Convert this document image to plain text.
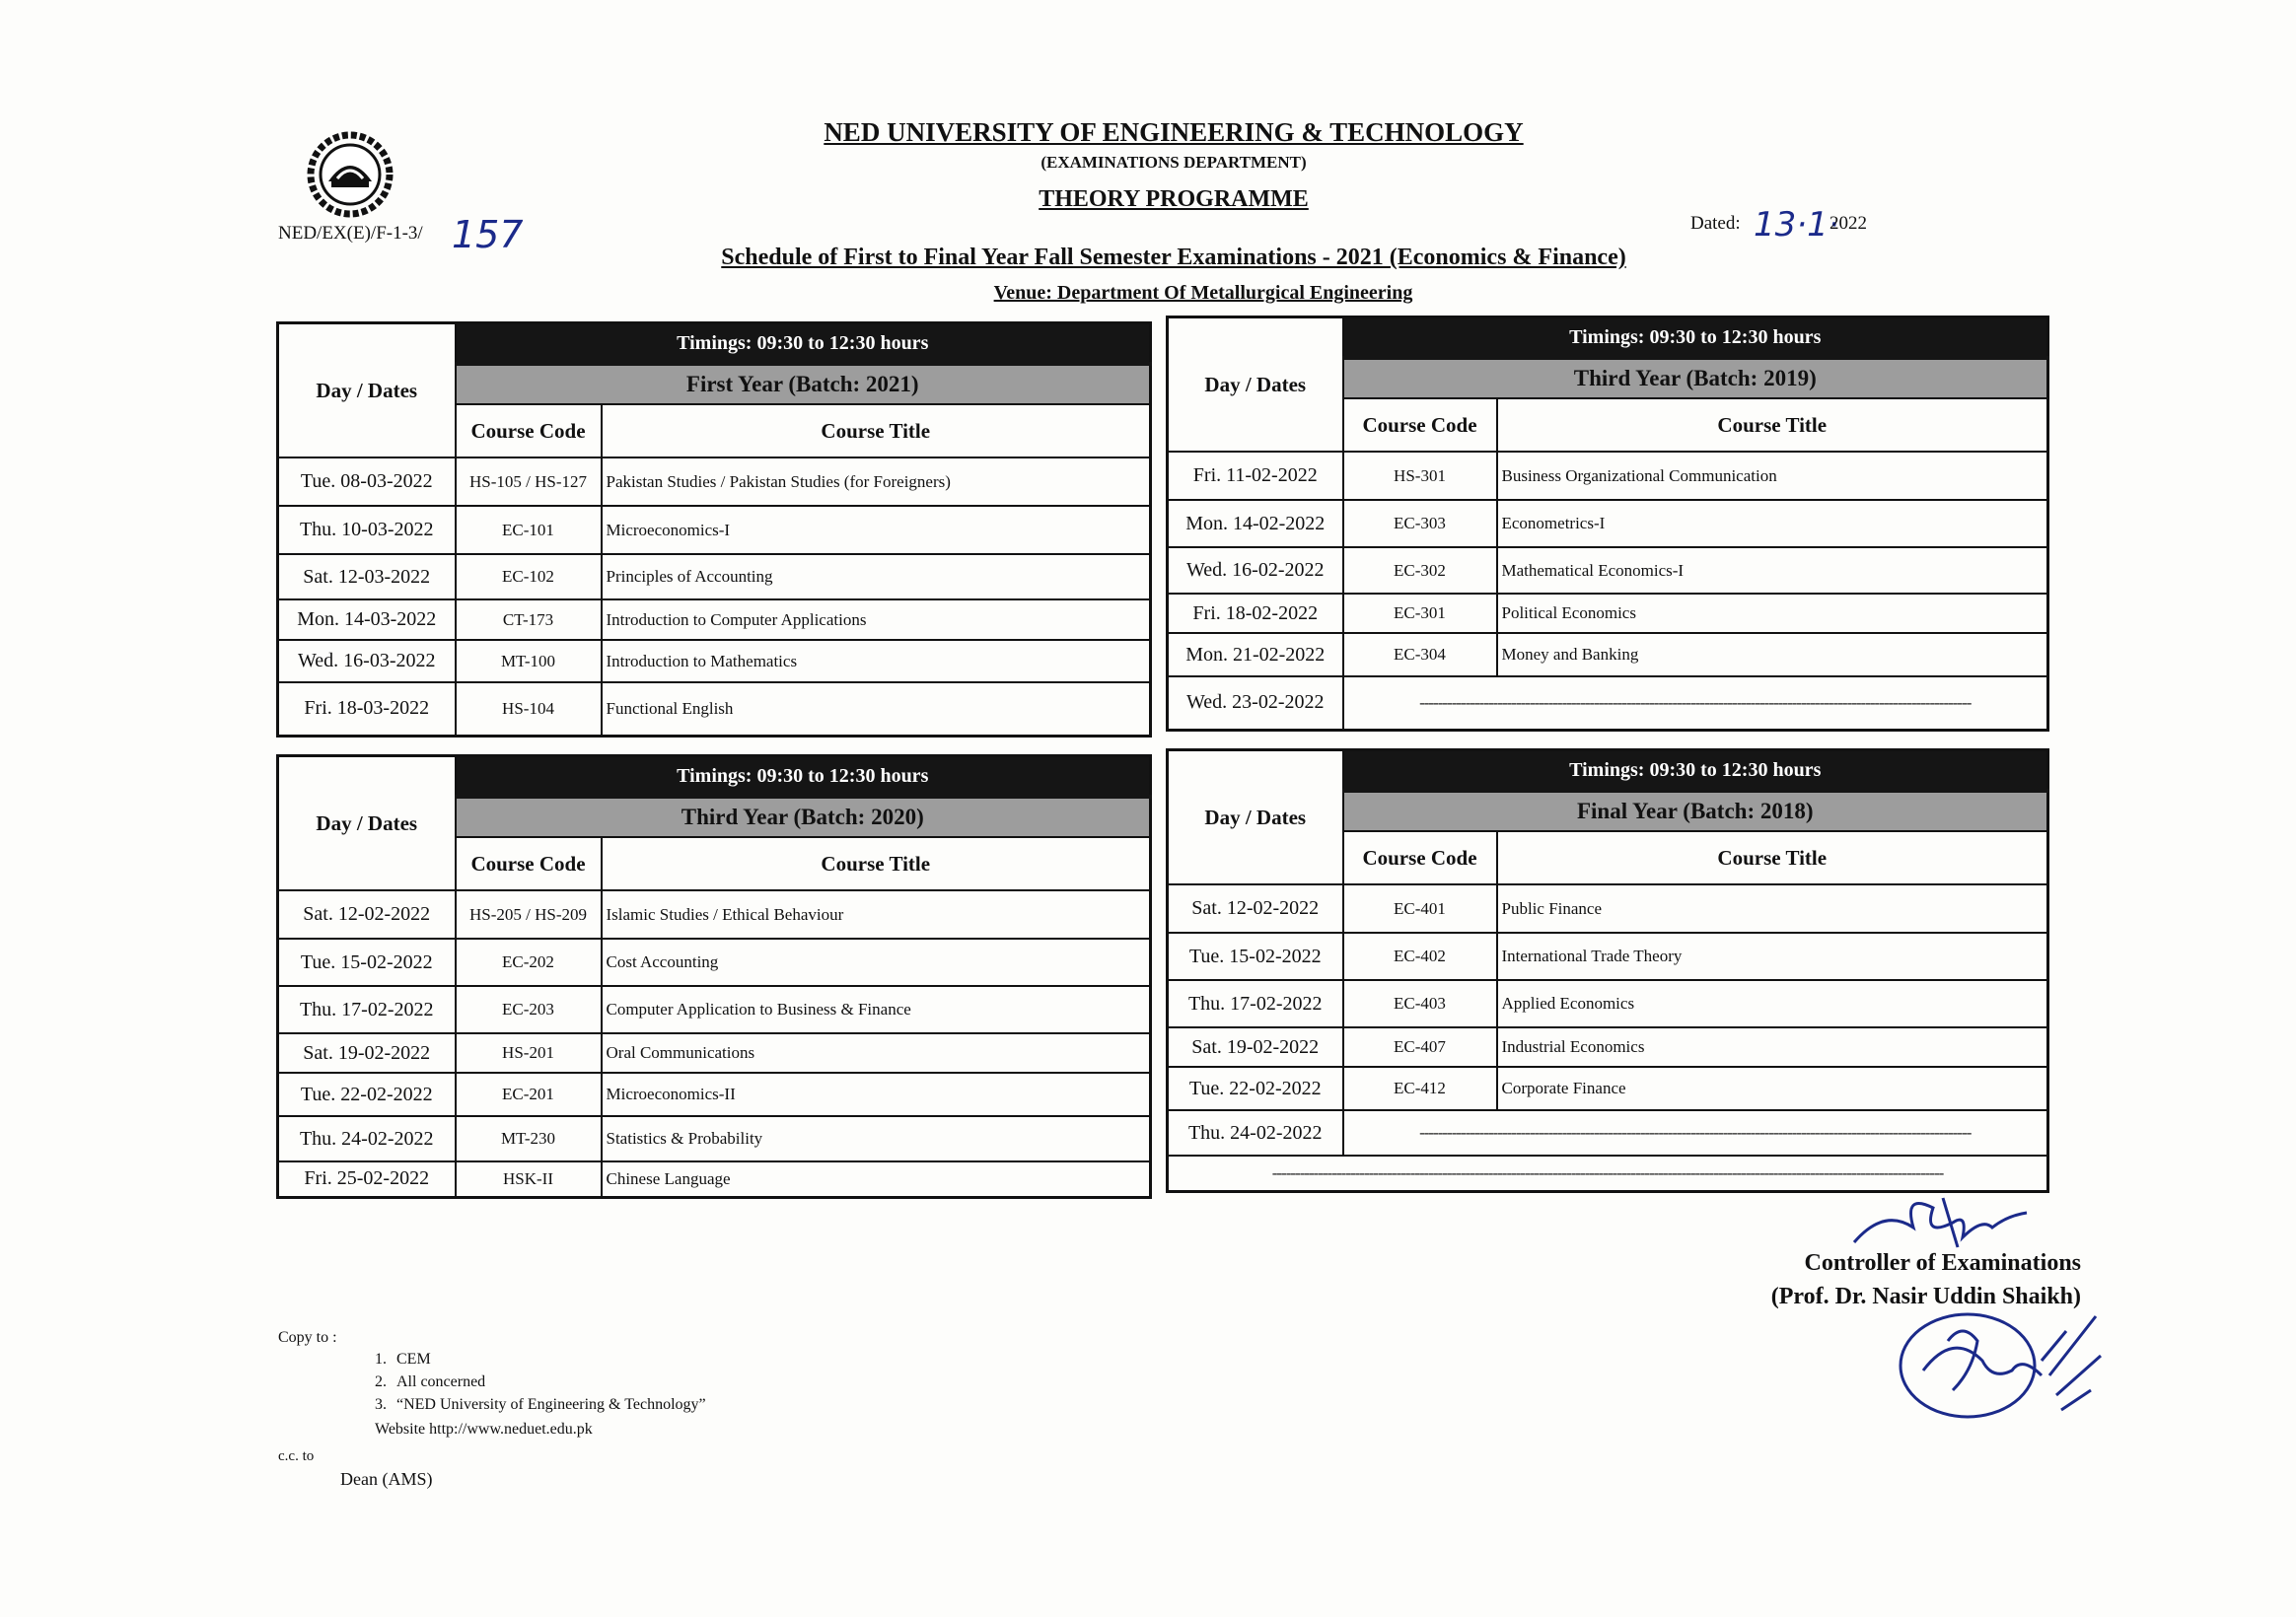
NED/EX(E)/F-1-3/ 157
NED UNIVERSITY OF ENGINEERING & TECHNOLOGY
(EXAMINATIONS DEPARTMENT)
THEORY PROGRAMME
Dated: 13·1·
2022
Schedule of First to Final Year Fall Semester Examinations - 2021 (Economics & Finance)
Venue: Department Of Metallurgical Engineering
Day / Dates	Timings: 09:30 to 12:30 hours	
	First Year (Batch: 2021)	
	Course Code	Course Title
Tue. 08-03-2022	HS-105 / HS-127	Pakistan Studies / Pakistan Studies (for Foreigners)
Thu. 10-03-2022	EC-101	Microeconomics-I
Sat. 12-03-2022	EC-102	Principles of Accounting
Mon. 14-03-2022	CT-173	Introduction to Computer Applications
Wed. 16-03-2022	MT-100	Introduction to Mathematics
Fri. 18-03-2022	HS-104	Functional English
Day / Dates	Timings: 09:30 to 12:30 hours	
	Third Year (Batch: 2019)	
	Course Code	Course Title
Fri. 11-02-2022	HS-301	Business Organizational Communication
Mon. 14-02-2022	EC-303	Econometrics-I
Wed. 16-02-2022	EC-302	Mathematical Economics-I
Fri. 18-02-2022	EC-301	Political Economics
Mon. 21-02-2022	EC-304	Money and Banking
Wed. 23-02-2022	------------------------------------------------------------------------------------------------------------------------	
Day / Dates	Timings: 09:30 to 12:30 hours	
	Third Year (Batch: 2020)	
	Course Code	Course Title
Sat. 12-02-2022	HS-205 / HS-209	Islamic Studies / Ethical Behaviour
Tue. 15-02-2022	EC-202	Cost Accounting
Thu. 17-02-2022	EC-203	Computer Application to Business & Finance
Sat. 19-02-2022	HS-201	Oral Communications
Tue. 22-02-2022	EC-201	Microeconomics-II
Thu. 24-02-2022	MT-230	Statistics & Probability
Fri. 25-02-2022	HSK-II	Chinese Language
Day / Dates	Timings: 09:30 to 12:30 hours	
	Final Year (Batch: 2018)	
	Course Code	Course Title
Sat. 12-02-2022	EC-401	Public Finance
Tue. 15-02-2022	EC-402	International Trade Theory
Thu. 17-02-2022	EC-403	Applied Economics
Sat. 19-02-2022	EC-407	Industrial Economics
Tue. 22-02-2022	EC-412	Corporate Finance
Thu. 24-02-2022	------------------------------------------------------------------------------------------------------------------------	
--------------------------------------------------------------------------------------------------------------------------------------------------		
Controller of Examinations
(Prof. Dr. Nasir Uddin Shaikh)
Copy to :
1. CEM
2. All concerned
3. “NED University of Engineering & Technology”
Website http://www.neduet.edu.pk
c.c. to
Dean (AMS)
